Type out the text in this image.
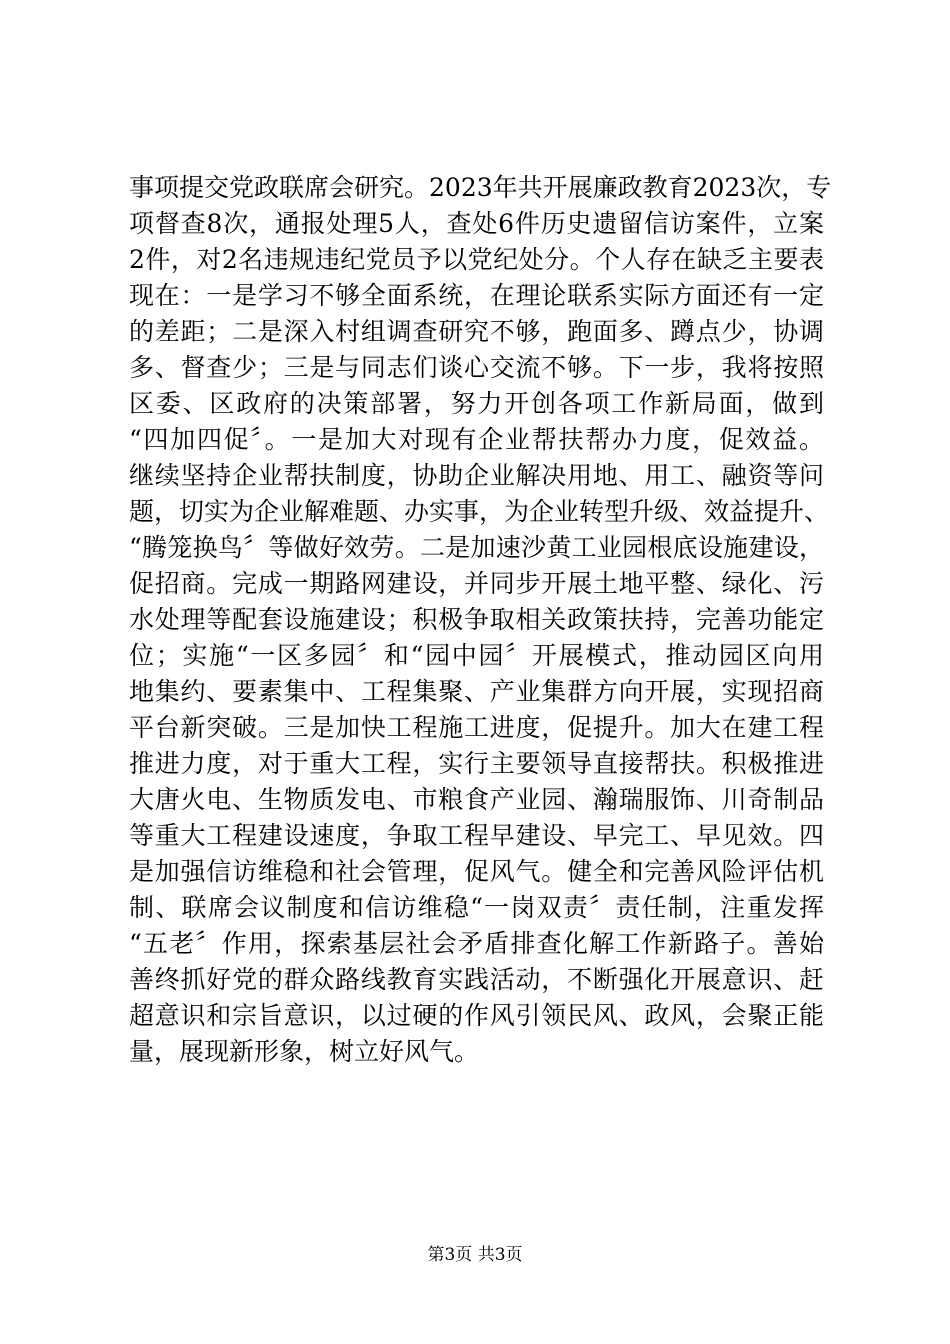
事项提交党政联席会研究。2023年共开展廉政教育2023次，专
项督查8次，通报处理5人，查处6件历史遗留信访案件，立案
2件，对2名违规违纪党员予以党纪处分。个人存在缺乏主要表
现在：一是学习不够全面系统，在理论联系实际方面还有一定
的差距；二是深入村组调查研究不够，跑面多、蹲点少，协调
多、督查少；三是与同志们谈心交流不够。下一步，我将按照
区委、区政府的决策部署，努力开创各项工作新局面，做到
“四加四促〞。一是加大对现有企业帮扶帮办力度，促效益。
继续坚持企业帮扶制度，协助企业解决用地、用工、融资等问
题，切实为企业解难题、办实事，为企业转型升级、效益提升、
“腾笼换鸟〞等做好效劳。二是加速沙黄工业园根底设施建设，
促招商。完成一期路网建设，并同步开展土地平整、绿化、污
水处理等配套设施建设；积极争取相关政策扶持，完善功能定
位；实施“一区多园〞和“园中园〞开展模式，推动园区向用
地集约、要素集中、工程集聚、产业集群方向开展，实现招商
平台新突破。三是加快工程施工进度，促提升。加大在建工程
推进力度，对于重大工程，实行主要领导直接帮扶。积极推进
大唐火电、生物质发电、市粮食产业园、瀚瑞服饰、川奇制品
等重大工程建设速度，争取工程早建设、早完工、早见效。四
是加强信访维稳和社会管理，促风气。健全和完善风险评估机
制、联席会议制度和信访维稳“一岗双责〞责任制，注重发挥
“五老〞作用，探索基层社会矛盾排查化解工作新路子。善始
善终抓好党的群众路线教育实践活动，不断强化开展意识、赶
超意识和宗旨意识，以过硬的作风引领民风、政风，会聚正能
量，展现新形象，树立好风气。
第3页 共3页
